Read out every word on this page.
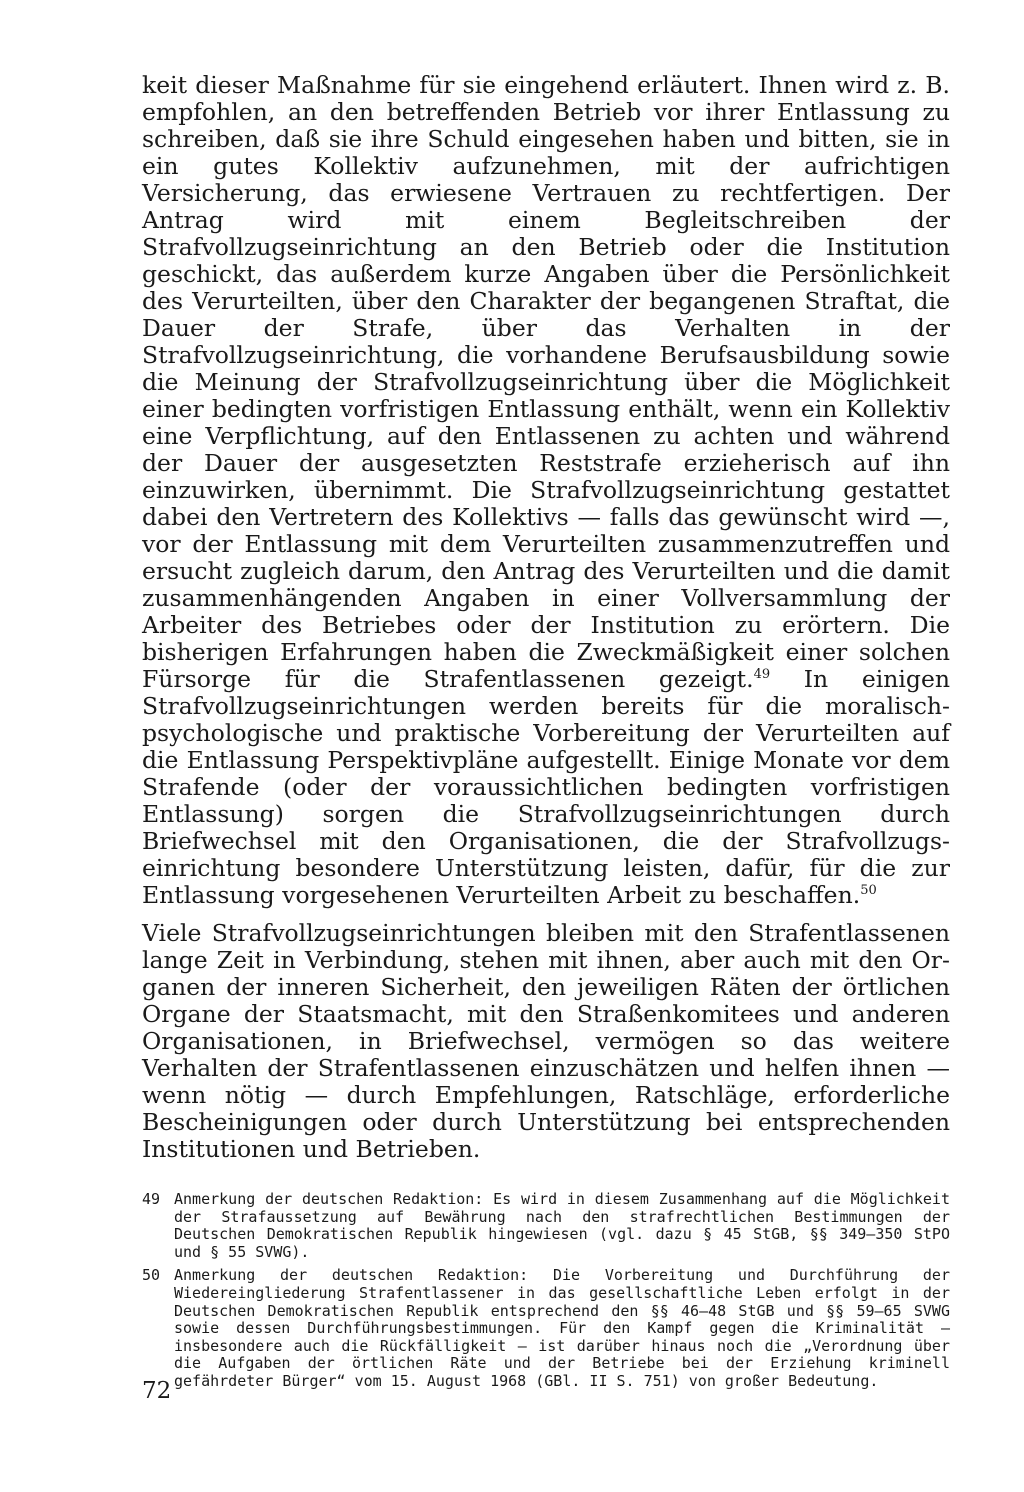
keit dieser Maßnahme für sie eingehend erläutert. Ihnen wird z. B. empfohlen, an den betreffenden Betrieb vor ihrer Entlassung zu schreiben, daß sie ihre Schuld eingesehen haben und bitten, sie in ein gutes Kollektiv aufzunehmen, mit der aufrichtigen Versicherung, das erwiesene Vertrauen zu rechtfertigen. Der Antrag wird mit einem Begleitschreiben der Strafvollzugseinrichtung an den Betrieb oder die Institution geschickt, das außerdem kurze Angaben über die Persönlichkeit des Verurteilten, über den Charakter der begangenen Straftat, die Dauer der Strafe, über das Verhalten in der Strafvollzugseinrichtung, die vorhandene Berufsausbildung sowie die Meinung der Strafvollzugseinrichtung über die Möglichkeit einer bedingten vorfristigen Entlassung enthält, wenn ein Kollektiv eine Verpflichtung, auf den Entlassenen zu achten und während der Dauer der ausgesetzten Reststrafe erzieherisch auf ihn einzuwirken, übernimmt. Die Strafvollzugseinrichtung gestattet dabei den Vertretern des Kollektivs — falls das gewünscht wird —, vor der Entlassung mit dem Verurteilten zusammenzutreffen und ersucht zugleich darum, den Antrag des Verurteilten und die damit zusammenhängenden Angaben in einer Vollversammlung der Arbeiter des Betriebes oder der Institution zu erörtern. Die bisherigen Erfahrungen haben die Zweckmäßigkeit einer solchen Fürsorge für die Strafentlassenen gezeigt.$^{49}$ In einigen Strafvollzugseinrichtungen werden bereits für die moralisch-psychologische und praktische Vorbereitung der Verurteilten auf die Entlassung Perspektivpläne aufgestellt. Einige Monate vor dem Strafende (oder der voraussichtlichen bedingten vorfristigen Entlassung) sorgen die Strafvollzugseinrichtungen durch Briefwechsel mit den Organisationen, die der Strafvollzugseinrichtung besondere Unterstützung leisten, dafür, für die zur Entlassung vorgesehenen Verurteilten Arbeit zu beschaffen.$^{50}$

Viele Strafvollzugseinrichtungen bleiben mit den Strafentlassenen lange Zeit in Verbindung, stehen mit ihnen, aber auch mit den Organen der inneren Sicherheit, den jeweiligen Räten der örtlichen Organe der Staatsmacht, mit den Straßenkomitees und anderen Organisationen, in Briefwechsel, vermögen so das weitere Verhalten der Strafentlassenen einzuschätzen und helfen ihnen — wenn nötig — durch Empfehlungen, Ratschläge, erforderliche Bescheinigungen oder durch Unterstützung bei entsprechenden Institutionen und Betrieben.

49 Anmerkung der deutschen Redaktion: Es wird in diesem Zusammenhang auf die Möglichkeit der Strafaussetzung auf Bewährung nach den strafrechtlichen Bestimmungen der Deutschen Demokratischen Republik hingewiesen (vgl. dazu § 45 StGB, §§ 349—350 StPO und § 55 SVWG).
50 Anmerkung der deutschen Redaktion: Die Vorbereitung und Durchführung der Wiedereingliederung Strafentlassener in das gesellschaftliche Leben erfolgt in der Deutschen Demokratischen Republik entsprechend den §§ 46—48 StGB und §§ 59—65 SVWG sowie dessen Durchführungsbestimmungen. Für den Kampf gegen die Kriminalität — insbesondere auch die Rückfälligkeit — ist darüber hinaus noch die „Verordnung über die Aufgaben der örtlichen Räte und der Betriebe bei der Erziehung kriminell gefährdeter Bürger“ vom 15. August 1968 (GBl. II S. 751) von großer Bedeutung.
72
